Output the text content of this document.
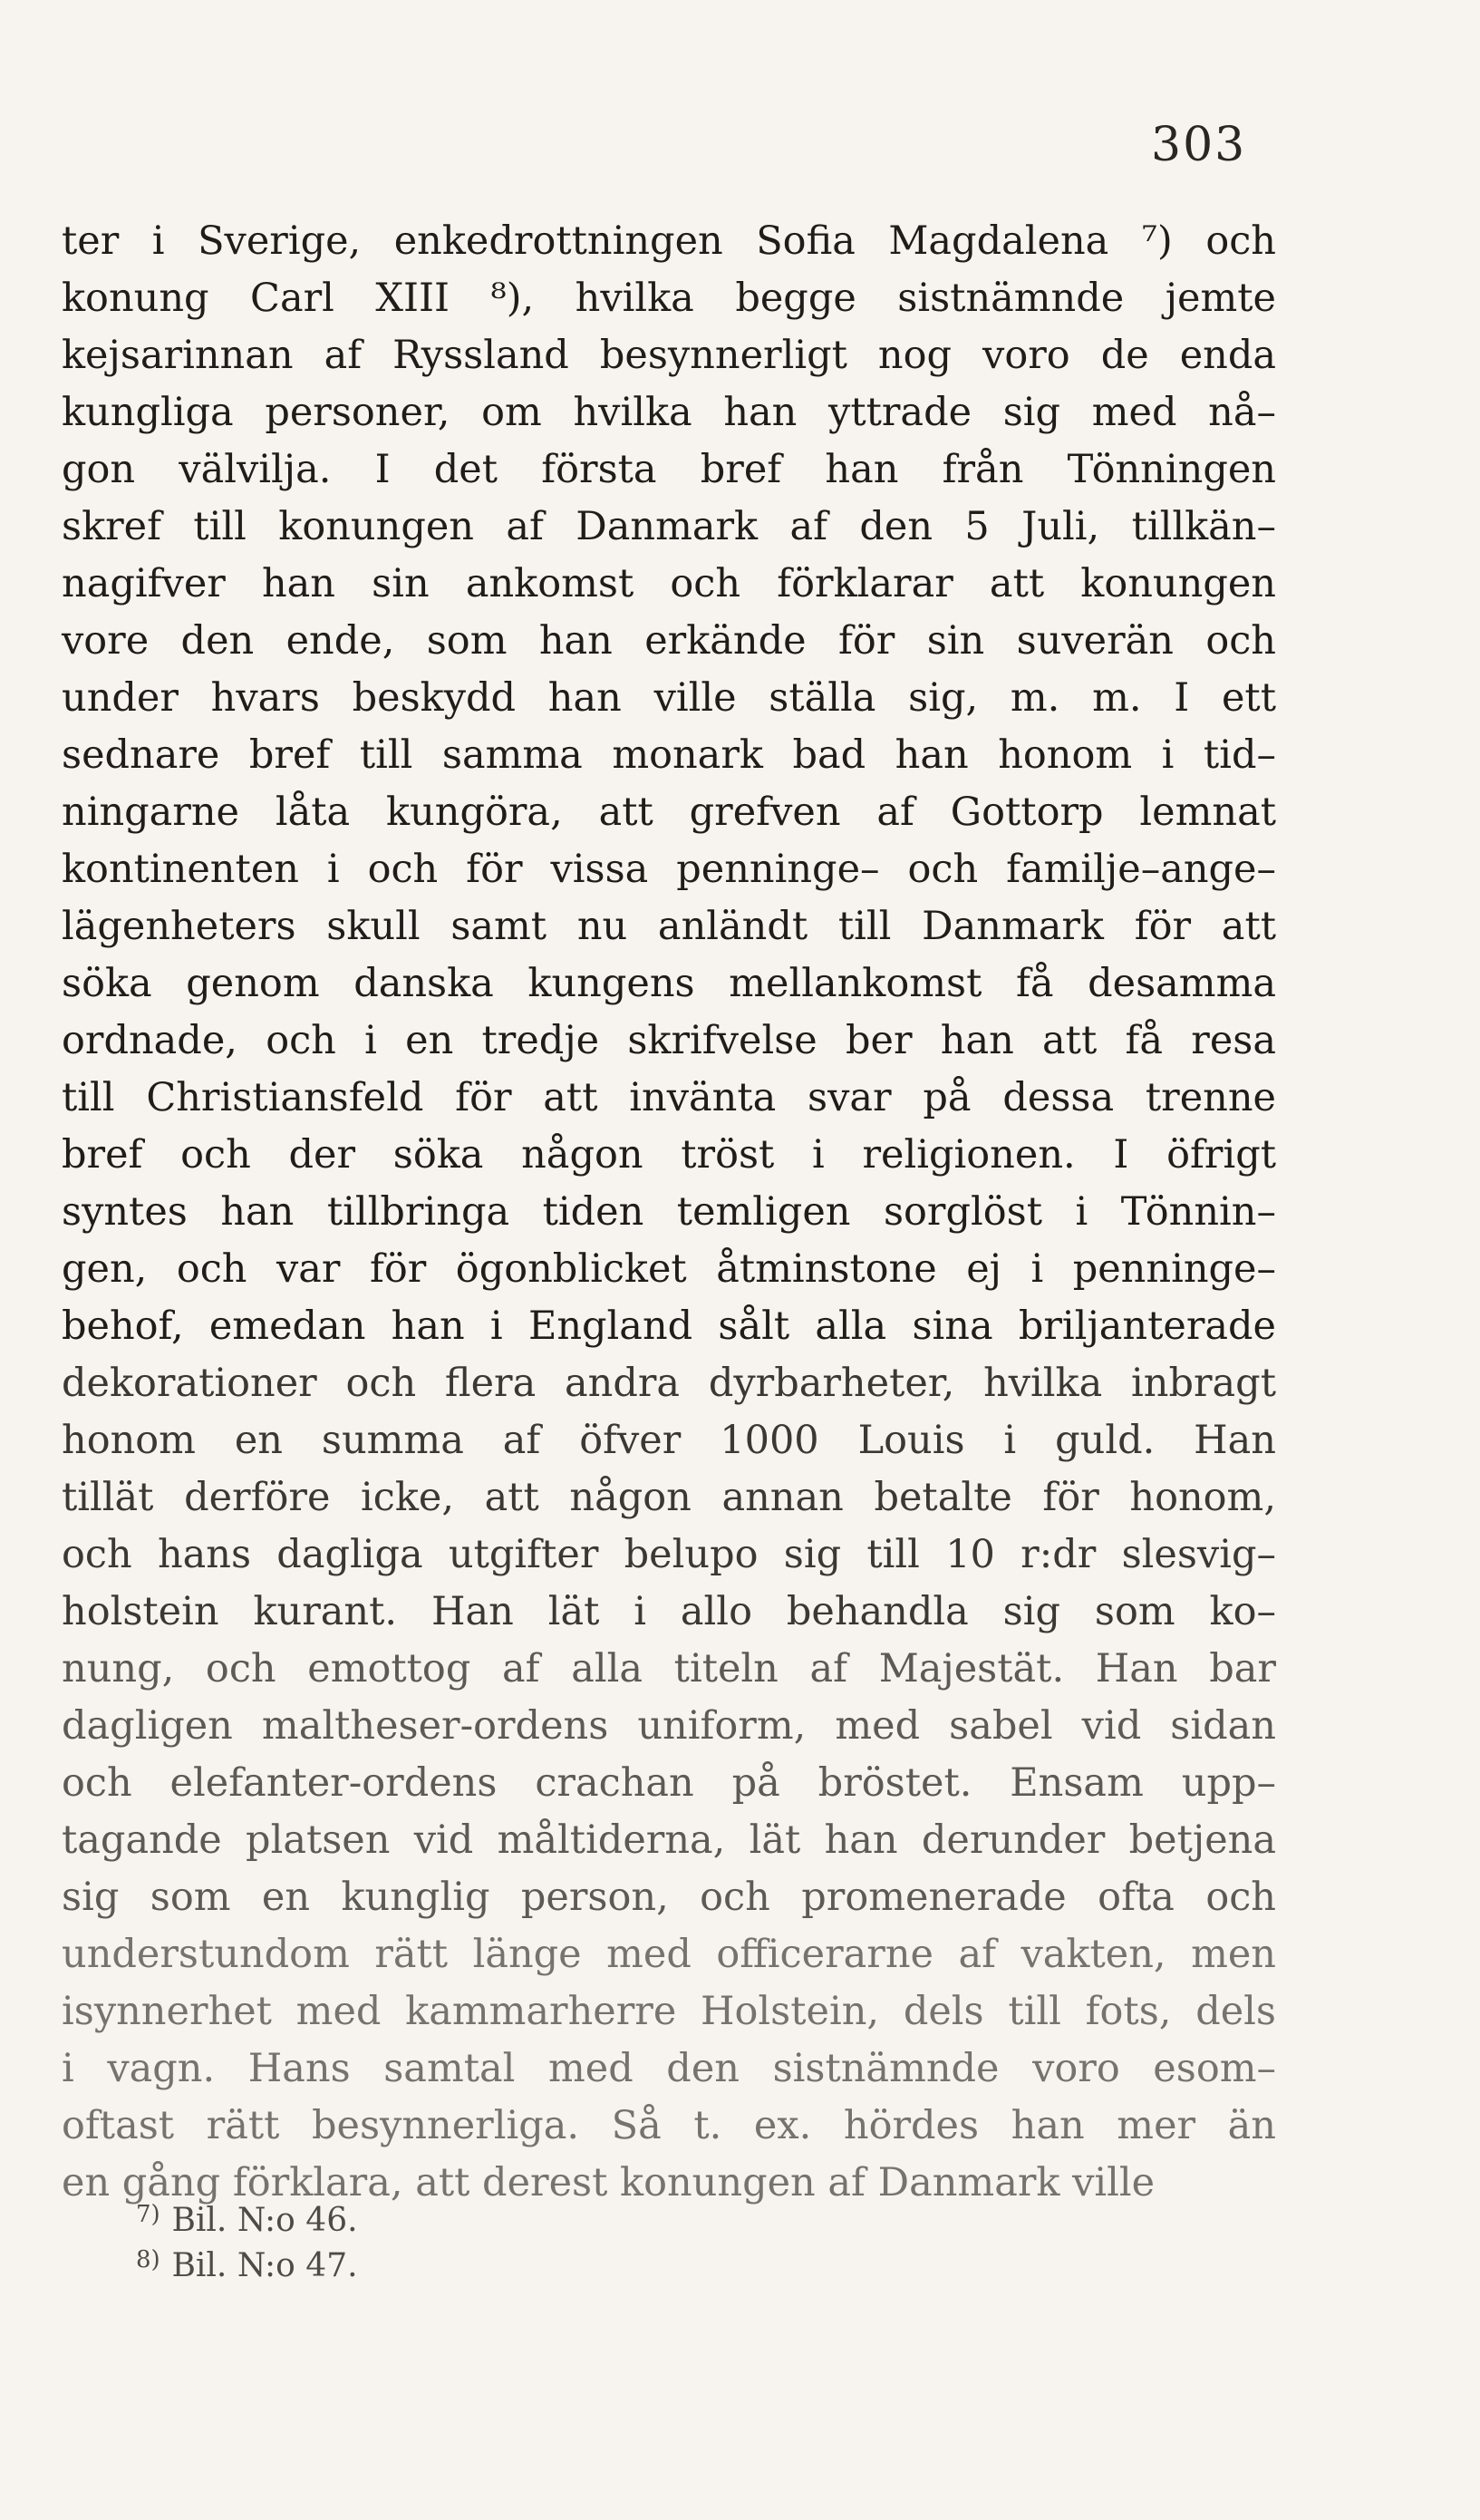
303
ter i Sverige, enkedrottningen Sofia Magdalena ⁷) och
konung Carl XIII ⁸), hvilka begge sistnämnde jemte
kejsarinnan af Ryssland besynnerligt nog voro de enda
kungliga personer, om hvilka han yttrade sig med nå–
gon välvilja. I det första bref han från Tönningen
skref till konungen af Danmark af den 5 Juli, tillkän–
nagifver han sin ankomst och förklarar att konungen
vore den ende, som han erkände för sin suverän och
under hvars beskydd han ville ställa sig, m. m. I ett
sednare bref till samma monark bad han honom i tid–
ningarne låta kungöra, att grefven af Gottorp lemnat
kontinenten i och för vissa penninge– och familje–ange–
lägenheters skull samt nu anländt till Danmark för att
söka genom danska kungens mellankomst få desamma
ordnade, och i en tredje skrifvelse ber han att få resa
till Christiansfeld för att invänta svar på dessa trenne
bref och der söka någon tröst i religionen. I öfrigt
syntes han tillbringa tiden temligen sorglöst i Tönnin–
gen, och var för ögonblicket åtminstone ej i penninge–
behof, emedan han i England sålt alla sina briljanterade
dekorationer och flera andra dyrbarheter, hvilka inbragt
honom en summa af öfver 1000 Louis i guld. Han
tillät derföre icke, att någon annan betalte för honom,
och hans dagliga utgifter belupo sig till 10 r:dr slesvig–
holstein kurant. Han lät i allo behandla sig som ko–
nung, och emottog af alla titeln af Majestät. Han bar
dagligen maltheser-ordens uniform, med sabel vid sidan
och elefanter-ordens crachan på bröstet. Ensam upp–
tagande platsen vid måltiderna, lät han derunder betjena
sig som en kunglig person, och promenerade ofta och
understundom rätt länge med officerarne af vakten, men
isynnerhet med kammarherre Holstein, dels till fots, dels
i vagn. Hans samtal med den sistnämnde voro esom–
oftast rätt besynnerliga. Så t. ex. hördes han mer än
en gång förklara, att derest konungen af Danmark ville
7) Bil. N:o 46.
8) Bil. N:o 47.
